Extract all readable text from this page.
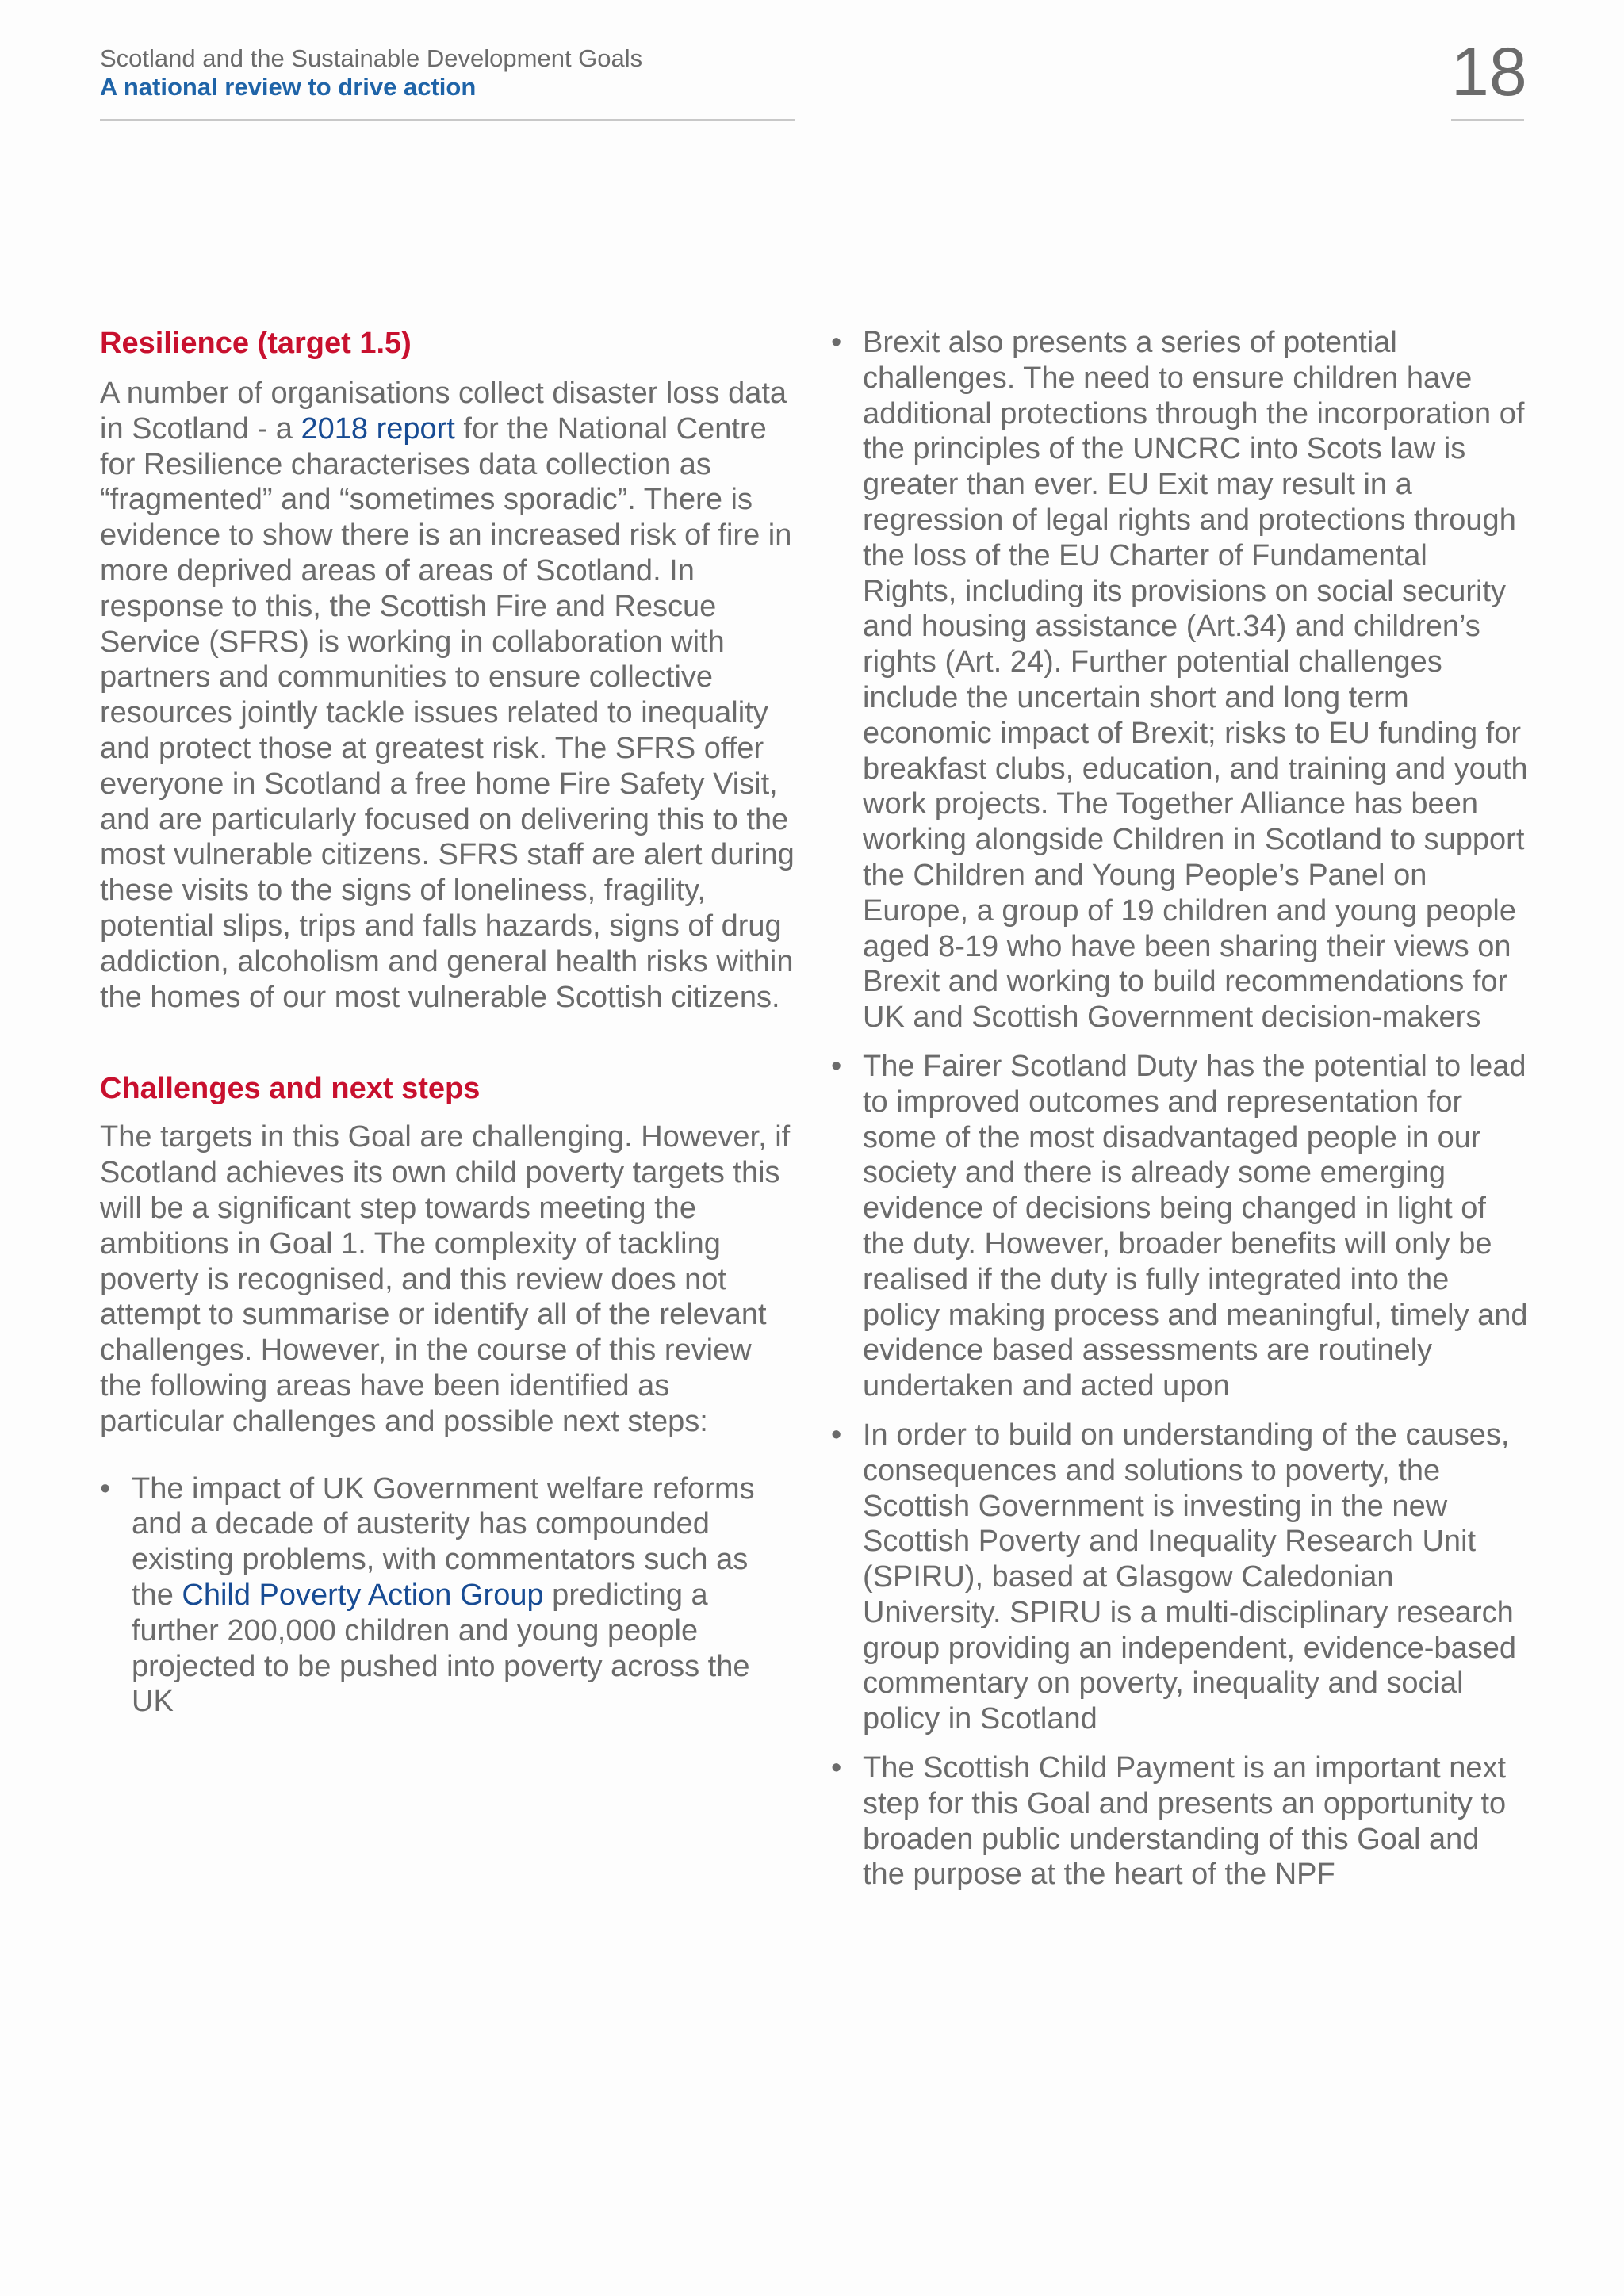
Scotland and the Sustainable Development Goals
A national review to drive action	18
Resilience (target 1.5)

A number of organisations collect disaster loss data in Scotland - a 2018 report for the National Centre for Resilience characterises data collection as “fragmented” and “sometimes sporadic”. There is evidence to show there is an increased risk of fire in more deprived areas of areas of Scotland. In response to this, the Scottish Fire and Rescue Service (SFRS) is working in collaboration with partners and communities to ensure collective resources jointly tackle issues related to inequality and protect those at greatest risk. The SFRS offer everyone in Scotland a free home Fire Safety Visit, and are particularly focused on delivering this to the most vulnerable citizens. SFRS staff are alert during these visits to the signs of loneliness, fragility, potential slips, trips and falls hazards, signs of drug addiction, alcoholism and general health risks within the homes of our most vulnerable Scottish citizens.

Challenges and next steps

The targets in this Goal are challenging. However, if Scotland achieves its own child poverty targets this will be a significant step towards meeting the ambitions in Goal 1. The complexity of tackling poverty is recognised, and this review does not attempt to summarise or identify all of the relevant challenges. However, in the course of this review the following areas have been identified as particular challenges and possible next steps:

• The impact of UK Government welfare reforms and a decade of austerity has compounded existing problems, with commentators such as the Child Poverty Action Group predicting a further 200,000 children and young people projected to be pushed into poverty across the UK
• Brexit also presents a series of potential challenges. The need to ensure children have additional protections through the incorporation of the principles of the UNCRC into Scots law is greater than ever. EU Exit may result in a regression of legal rights and protections through the loss of the EU Charter of Fundamental Rights, including its provisions on social security and housing assistance (Art.34) and children’s rights (Art. 24). Further potential challenges include the uncertain short and long term economic impact of Brexit; risks to EU funding for breakfast clubs, education, and training and youth work projects. The Together Alliance has been working alongside Children in Scotland to support the Children and Young People’s Panel on Europe, a group of 19 children and young people aged 8-19 who have been sharing their views on Brexit and working to build recommendations for UK and Scottish Government decision-makers
• The Fairer Scotland Duty has the potential to lead to improved outcomes and representation for some of the most disadvantaged people in our society and there is already some emerging evidence of decisions being changed in light of the duty. However, broader benefits will only be realised if the duty is fully integrated into the policy making process and meaningful, timely and evidence based assessments are routinely undertaken and acted upon
• In order to build on understanding of the causes, consequences and solutions to poverty, the Scottish Government is investing in the new Scottish Poverty and Inequality Research Unit (SPIRU), based at Glasgow Caledonian University. SPIRU is a multi-disciplinary research group providing an independent, evidence-based commentary on poverty, inequality and social policy in Scotland
• The Scottish Child Payment is an important next step for this Goal and presents an opportunity to broaden public understanding of this Goal and the purpose at the heart of the NPF
